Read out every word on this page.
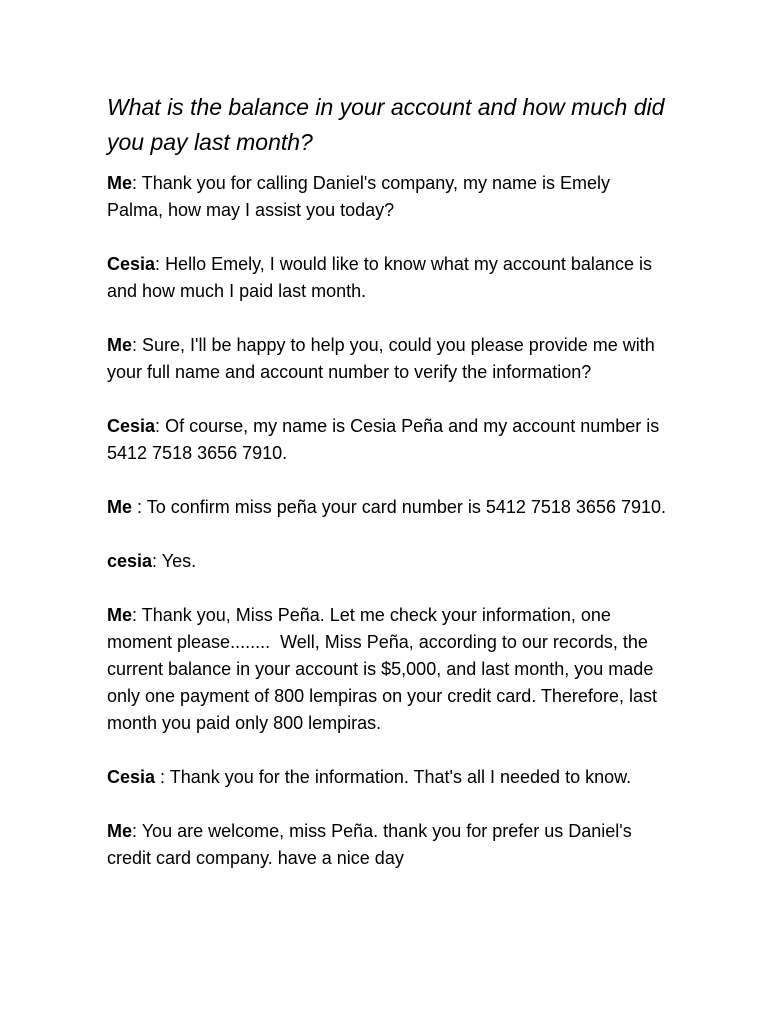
What is the balance in your account and how much did you pay last month?

Me: Thank you for calling Daniel's company, my name is Emely Palma, how may I assist you today?

Cesia: Hello Emely, I would like to know what my account balance is and how much I paid last month.

Me: Sure, I'll be happy to help you, could you please provide me with your full name and account number to verify the information?

Cesia: Of course, my name is Cesia Peña and my account number is 5412 7518 3656 7910.

Me : To confirm miss peña your card number is 5412 7518 3656 7910.

cesia: Yes.

Me: Thank you, Miss Peña. Let me check your information, one moment please........  Well, Miss Peña, according to our records, the current balance in your account is $5,000, and last month, you made only one payment of 800 lempiras on your credit card. Therefore, last month you paid only 800 lempiras.

Cesia : Thank you for the information. That's all I needed to know.

Me: You are welcome, miss Peña. thank you for prefer us Daniel's credit card company. have a nice day
